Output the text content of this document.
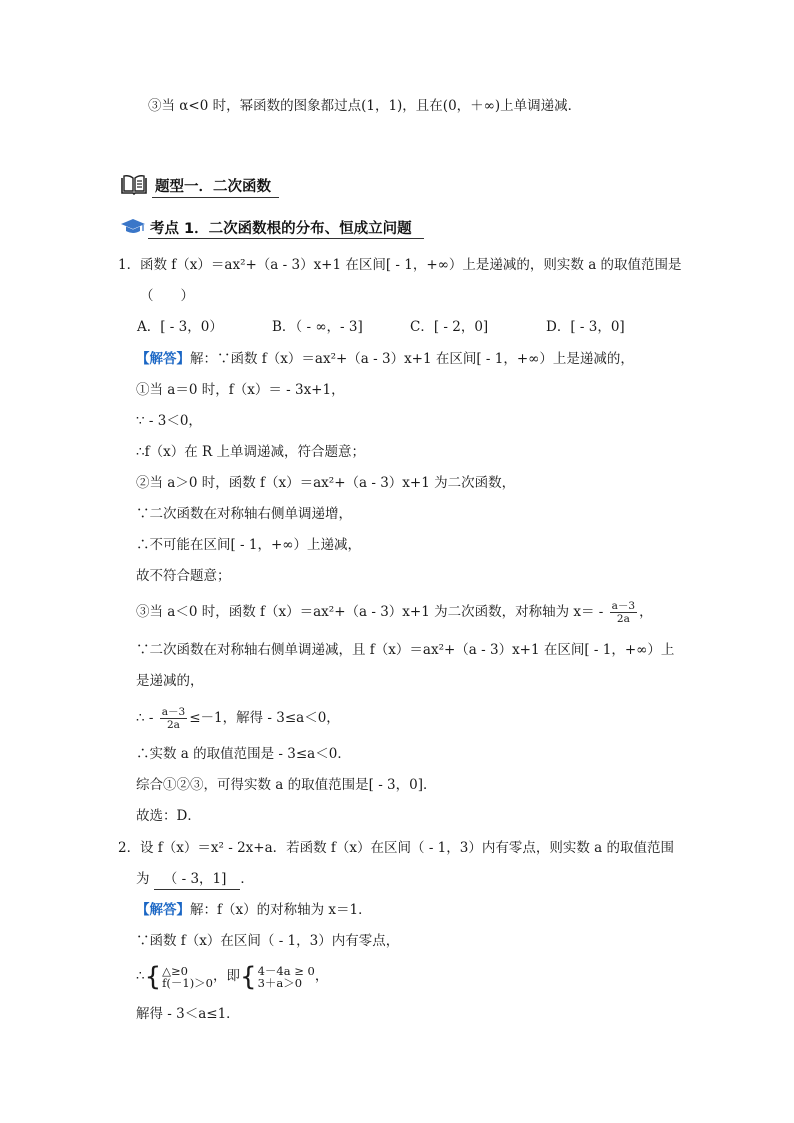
③当 α<0 时，幂函数的图象都过点(1，1)，且在(0，＋∞)上单调递减．
题型一．二次函数
考点 1．二次函数根的分布、恒成立问题
1． 函数 f（x）＝ax²+（a - 3）x+1 在区间[ - 1，+∞）上是递减的，则实数 a 的取值范围是
（　　）
A．[ - 3，0）	B．（ - ∞，- 3]	C．[ - 2，0]	D．[ - 3，0]
【解答】解：∵函数 f（x）＝ax²+（a - 3）x+1 在区间[ - 1，+∞）上是递减的，
①当 a＝0 时，f（x）＝ - 3x+1，
∵ - 3＜0，
∴f（x）在 R 上单调递减，符合题意；
②当 a＞0 时，函数 f（x）＝ax²+（a - 3）x+1 为二次函数，
∵二次函数在对称轴右侧单调递增，
∴不可能在区间[ - 1，+∞）上递减，
故不符合题意；
③当 a＜0 时，函数 f（x）＝ax²+（a - 3）x+1 为二次函数，对称轴为 $x= - \frac{a-3}{2a}$ ，
∵二次函数在对称轴右侧单调递减，且 f（x）＝ax²+（a - 3）x+1 在区间[ - 1，+∞）上
是递减的，
∴ - $\frac{a-3}{2a} \le-1$，解得 - 3≤a＜0，
∴实数 a 的取值范围是 - 3≤a＜0．
综合①②③，可得实数 a 的取值范围是[ - 3，0]．
故选：D．
2． 设 f（x）＝x² - 2x+a．若函数 f（x）在区间（ - 1，3）内有零点，则实数 a 的取值范围
为 （ - 3，1] ．
【解答】解：f（x）的对称轴为 x＝1．
∵函数 f（x）在区间（ - 1，3）内有零点，
∴{ △≥0
f(－1)＞0 ，即{ 4－4a ≥ 0
3＋a＞0 ，
解得 - 3＜a≤1．
